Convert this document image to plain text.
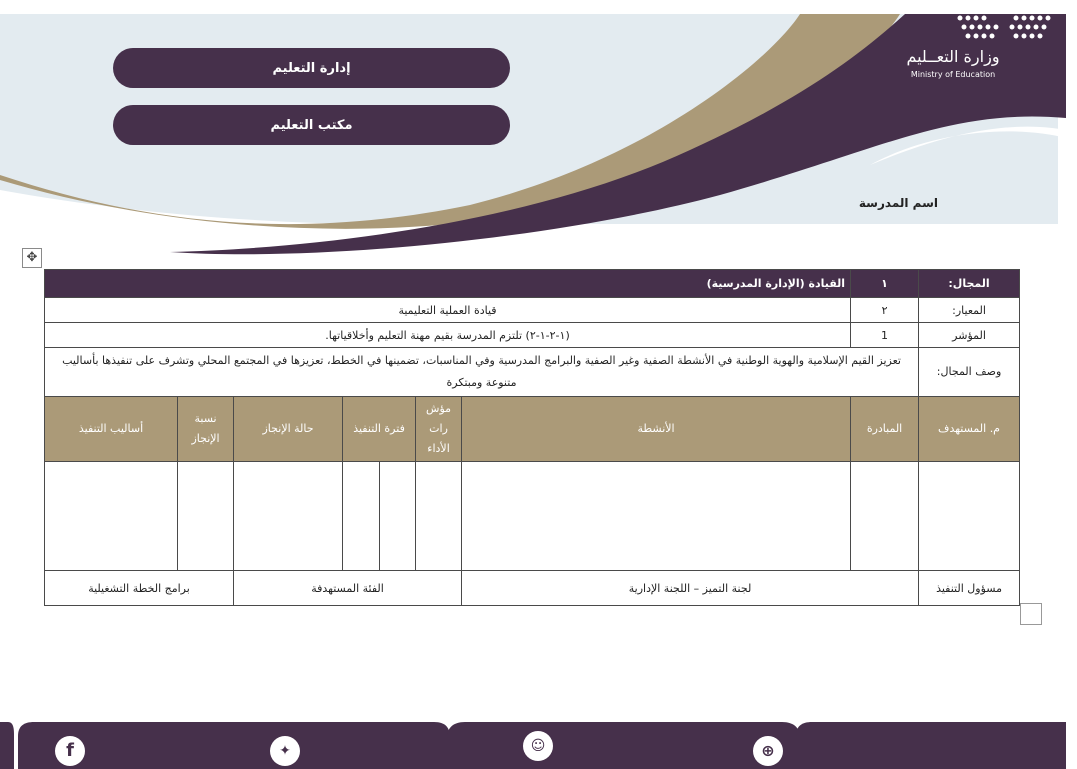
وزارة التعــليم
Ministry of Education
إدارة التعليم
مكتب التعليم
اسم المدرسة
✥
المجال:	١	القيادة (الإدارة المدرسية)						
المعيار:	٢	قيادة العملية التعليمية						
المؤشر	1	(١-٢-١-٢) تلتزم المدرسة بقيم مهنة التعليم وأخلاقياتها.						
وصف المجال:	تعزيز القيم الإسلامية والهوية الوطنية في الأنشطة الصفية وغير الصفية والبرامج المدرسية وفي المناسبات، تضمينها في الخطط، تعزيزها في المجتمع المحلي وتشرف على تنفيذها بأساليب متنوعة ومبتكرة							
م. المستهدف	المبادرة	الأنشطة	مؤش رات الأداء	فترة التنفيذ		حالة الإنجاز	نسبة الإنجاز	أساليب التنفيذ

مسؤول التنفيذ	لجنة التميز – اللجنة الإدارية		الفئة المستهدفة				برامج الخطة التشغيلية	
f	✦	☺	⊕
